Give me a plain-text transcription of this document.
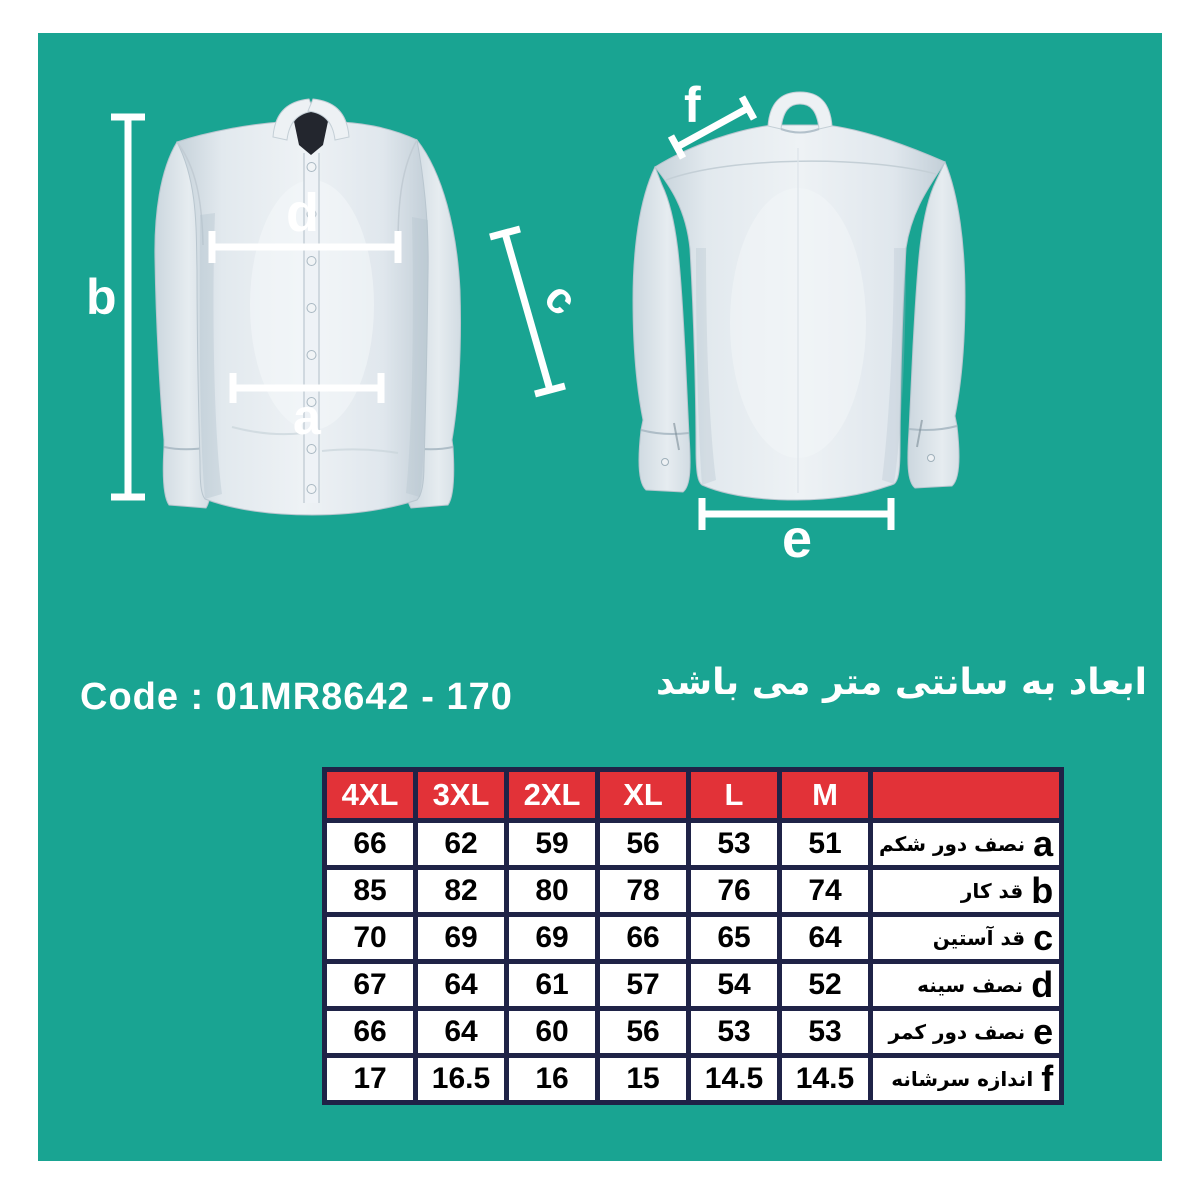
b
d
a
c
f
e
Code : 01MR8642 - 170	ابعاد به سانتی متر می باشد
4XL	3XL	2XL	XL	L	M	
66	62	59	56	53	51	a
نصف دور شکم

85	82	80	78	76	74	b
قد کار

70	69	69	66	65	64	c
قد آستین

67	64	61	57	54	52	d
نصف سینه

66	64	60	56	53	53	e
نصف دور کمر

17	16.5	16	15	14.5	14.5	f
اندازه سرشانه
